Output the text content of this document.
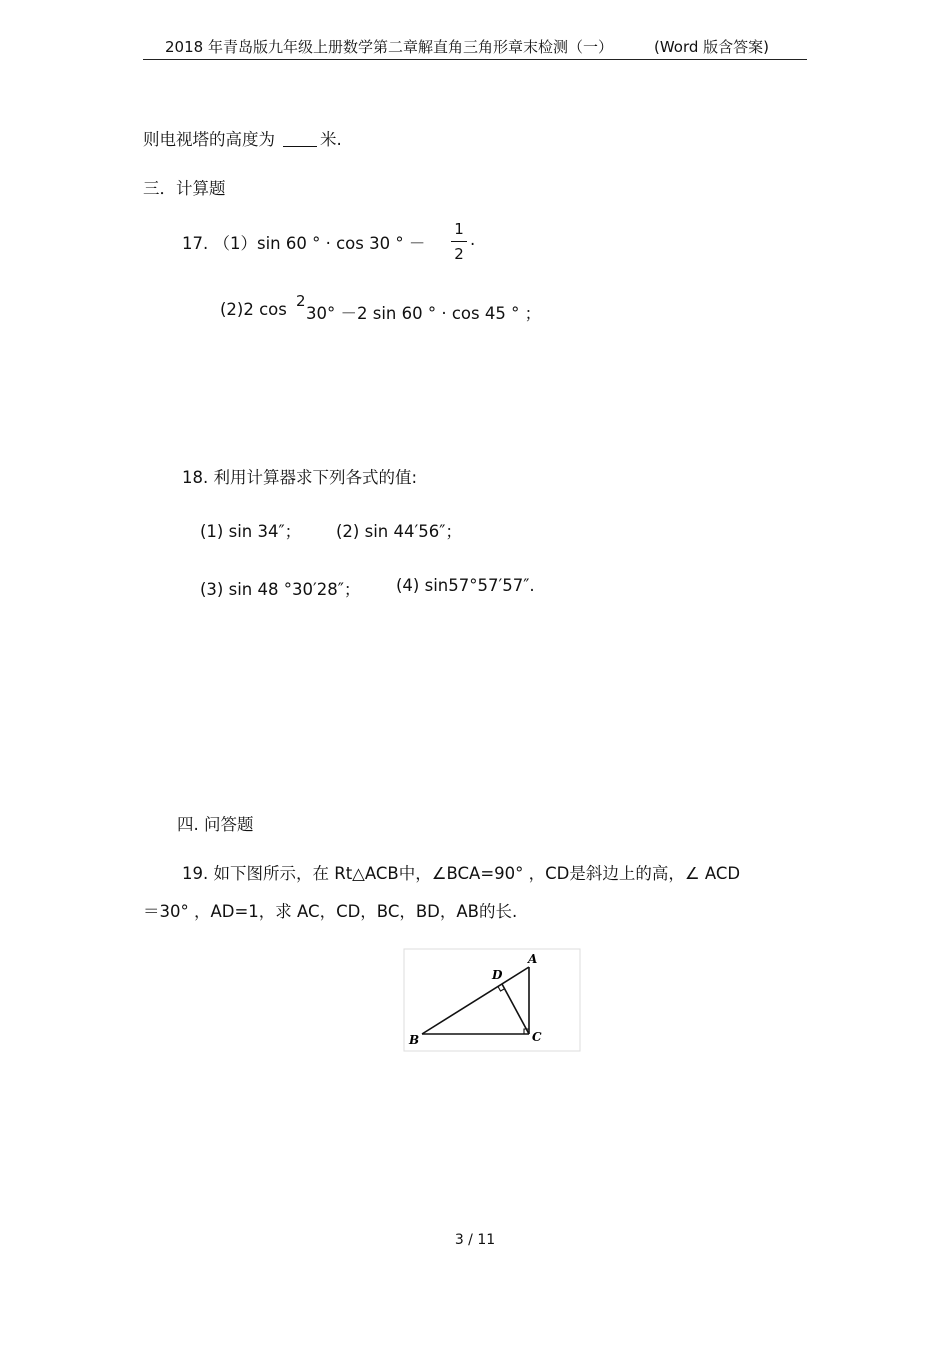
2018 年青岛版九年级上册数学第二章解直角三角形章末检测（一）	(Word 版含答案)
则电视塔的高度为	米.
三．计算题
17. （1）sin 60 ° · cos 30 ° －
1
2
.
(2)2 cos 2
30° －2 sin 60 ° · cos 45 ° ；
18. 利用计算器求下列各式的值:
(1) sin 34″； (2) sin 44′56″；
(3) sin 48 °30′28″； (4) sin57°57′57″.
四. 问答题
19. 如下图所示，在 Rt△ACB中，∠BCA=90° ，CD是斜边上的高，∠ ACD
＝30° ，AD=1，求 AC，CD，BC，BD，AB的长.
A
B	C
D
3 / 11
